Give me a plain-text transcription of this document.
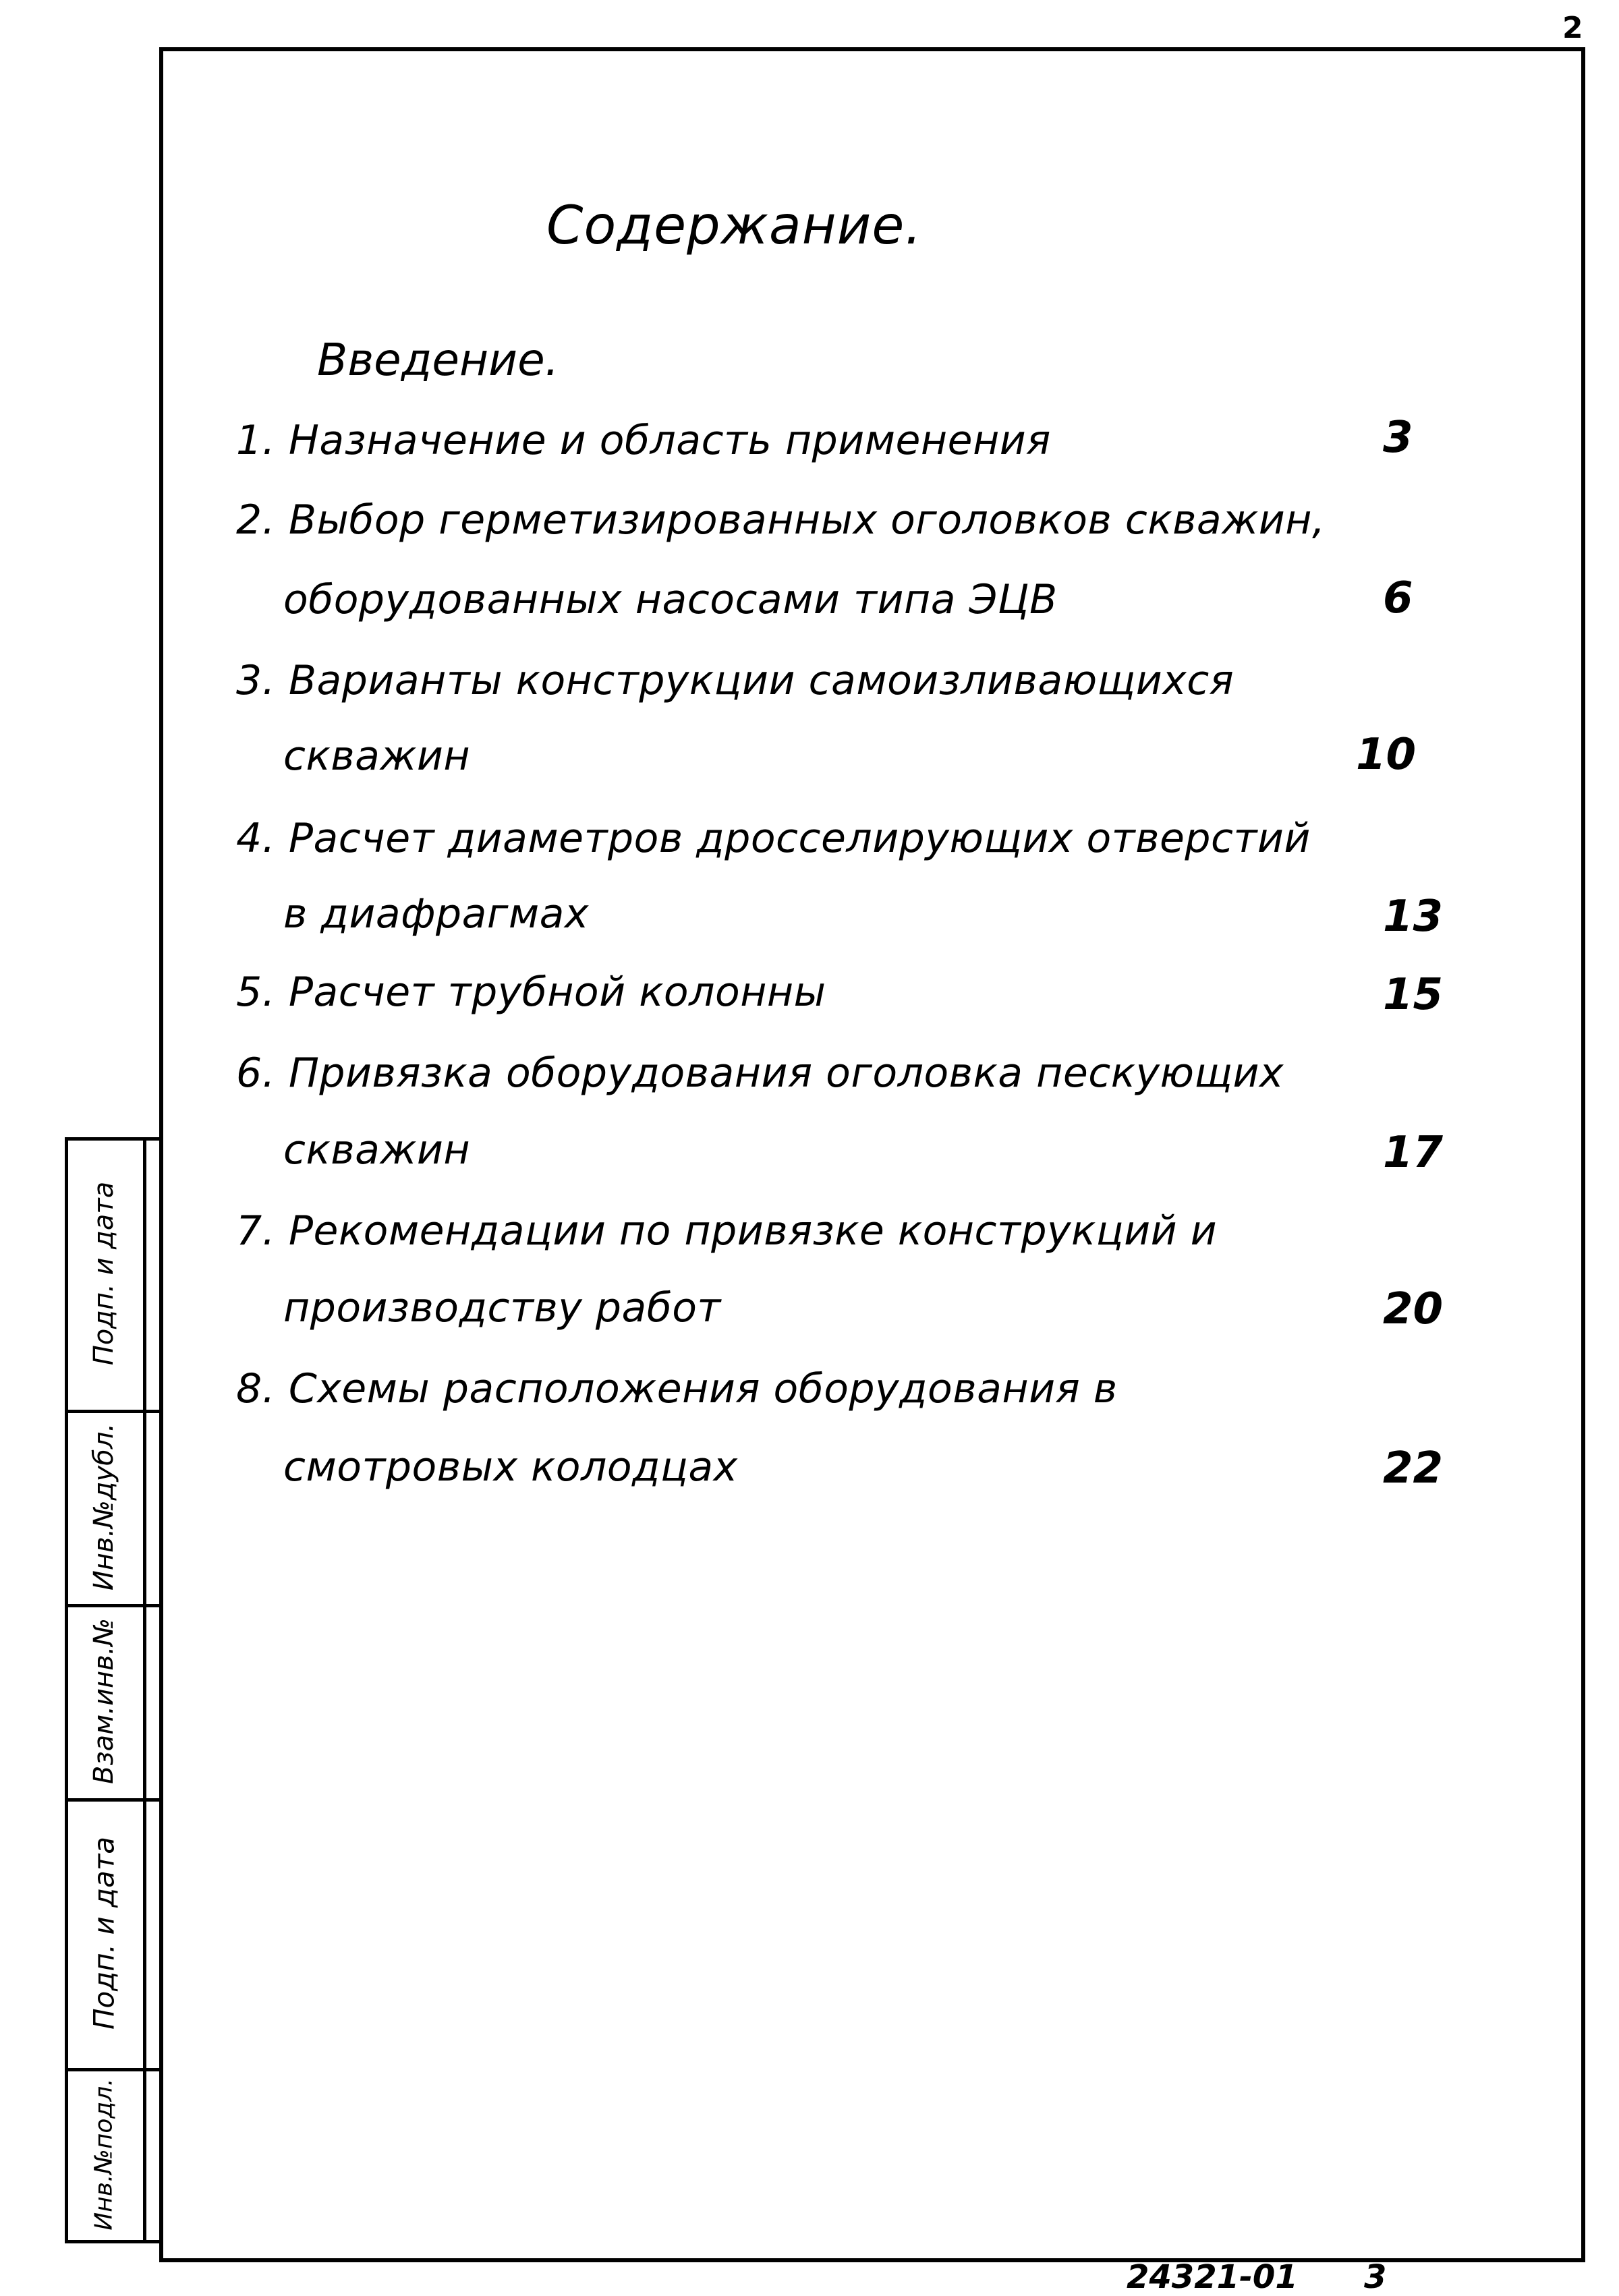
2
Содержание.
Введение.
1. Назначение и область применения	3
2. Выбор герметизированных оголовков скважин,
оборудованных насосами типа ЭЦВ	6
3. Варианты конструкции самоизливающихся
скважин	10
4. Расчет диаметров дросселирующих отверстий
в диафрагмах	13
5. Расчет трубной колонны	15
6. Привязка оборудования оголовка пескующих
скважин	17
7. Рекомендации по привязке конструкций и
производству работ	20
8. Схемы расположения оборудования в
смотровых колодцах	22
Подп. и дата
Инв.№дубл.
Взам.инв.№
Подп. и дата
Инв.№подл.
24321-01 3
